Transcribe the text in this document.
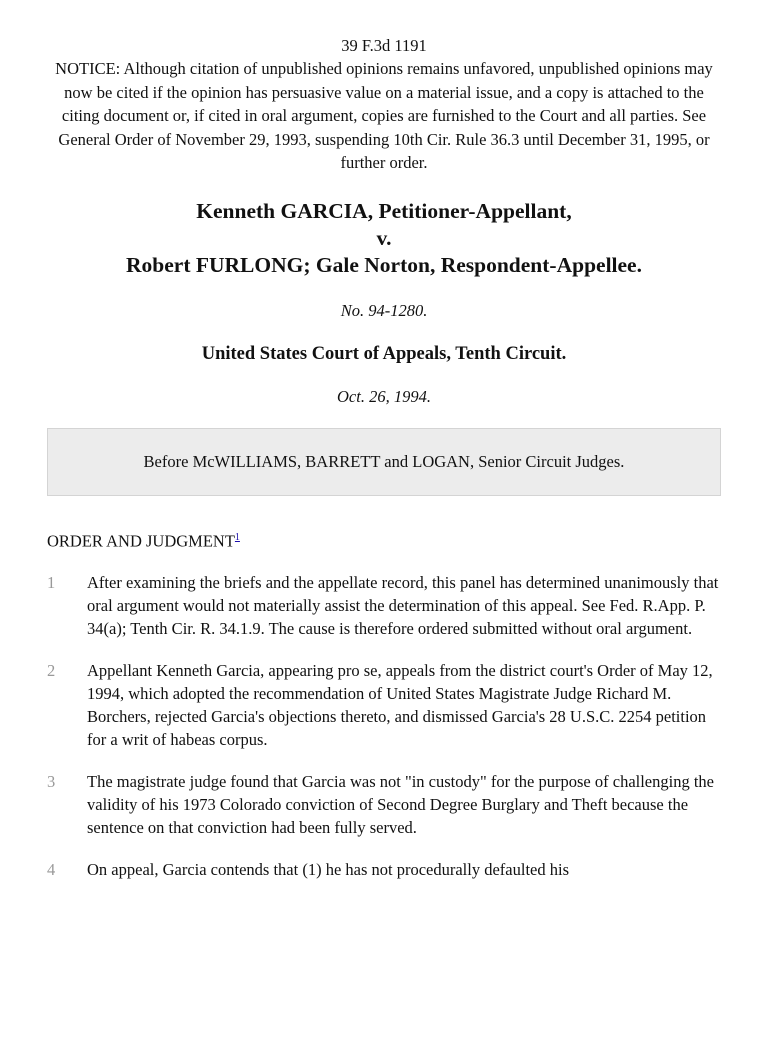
39 F.3d 1191
NOTICE: Although citation of unpublished opinions remains unfavored, unpublished opinions may now be cited if the opinion has persuasive value on a material issue, and a copy is attached to the citing document or, if cited in oral argument, copies are furnished to the Court and all parties. See General Order of November 29, 1993, suspending 10th Cir. Rule 36.3 until December 31, 1995, or further order.
Kenneth GARCIA, Petitioner-Appellant,
v.
Robert FURLONG; Gale Norton, Respondent-Appellee.
No. 94-1280.
United States Court of Appeals, Tenth Circuit.
Oct. 26, 1994.
Before McWILLIAMS, BARRETT and LOGAN, Senior Circuit Judges.
ORDER AND JUDGMENT$^1$
1	After examining the briefs and the appellate record, this panel has determined unanimously that oral argument would not materially assist the determination of this appeal. See Fed. R.App. P. 34(a); Tenth Cir. R. 34.1.9. The cause is therefore ordered submitted without oral argument.
2	Appellant Kenneth Garcia, appearing pro se, appeals from the district court's Order of May 12, 1994, which adopted the recommendation of United States Magistrate Judge Richard M. Borchers, rejected Garcia's objections thereto, and dismissed Garcia's 28 U.S.C. 2254 petition for a writ of habeas corpus.
3	The magistrate judge found that Garcia was not "in custody" for the purpose of challenging the validity of his 1973 Colorado conviction of Second Degree Burglary and Theft because the sentence on that conviction had been fully served.
4	On appeal, Garcia contends that (1) he has not procedurally defaulted his
